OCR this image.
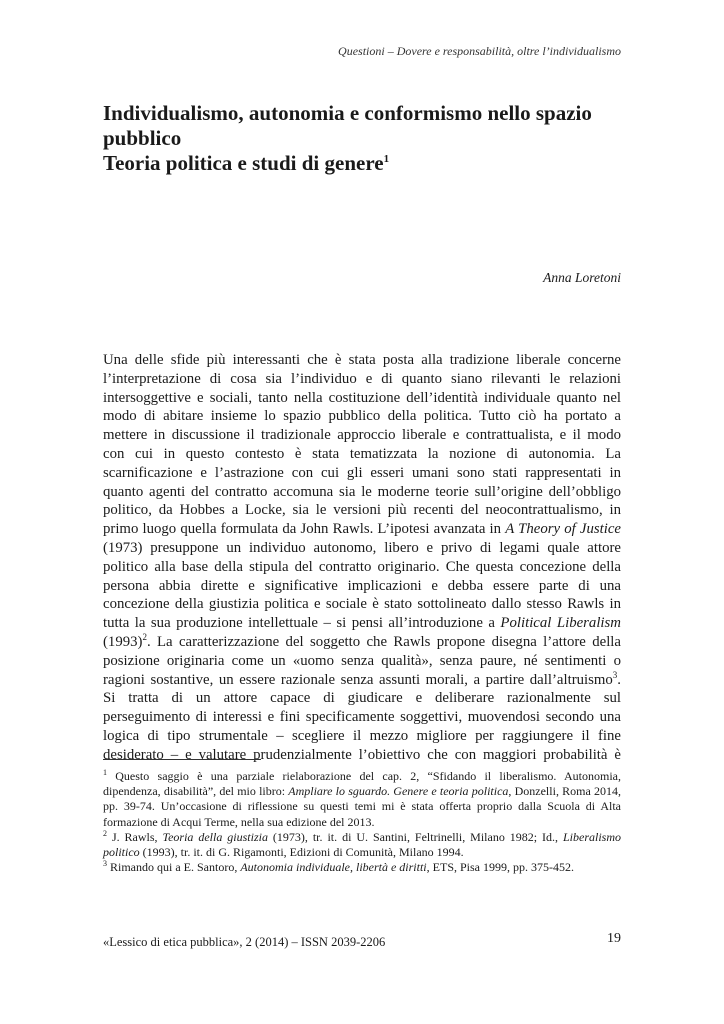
Questioni – Dovere e responsabilità, oltre l’individualismo
Individualismo, autonomia e conformismo nello spazio
pubblico
Teoria politica e studi di genere$^1$
Anna Loretoni
Una delle sfide più interessanti che è stata posta alla tradizione liberale concerne
l’interpretazione di cosa sia l’individuo e di quanto siano rilevanti le relazioni
intersoggettive e sociali, tanto nella costituzione dell’identità individuale quanto nel
modo di abitare insieme lo spazio pubblico della politica. Tutto ciò ha portato a
mettere in discussione il tradizionale approccio liberale e contrattualista, e il modo
con cui in questo contesto è stata tematizzata la nozione di autonomia. La
scarnificazione e l’astrazione con cui gli esseri umani sono stati rappresentati in
quanto agenti del contratto accomuna sia le moderne teorie sull’origine dell’obbligo
politico, da Hobbes a Locke, sia le versioni più recenti del neocontrattualismo, in
primo luogo quella formulata da John Rawls. L’ipotesi avanzata in A Theory of Justice
(1973) presuppone un individuo autonomo, libero e privo di legami quale attore
politico alla base della stipula del contratto originario. Che questa concezione della
persona abbia dirette e significative implicazioni e debba essere parte di una
concezione della giustizia politica e sociale è stato sottolineato dallo stesso Rawls in
tutta la sua produzione intellettuale – si pensi all’introduzione a Political Liberalism
$(1993)^2$. La caratterizzazione del soggetto che Rawls propone disegna l’attore della
posizione originaria come un «uomo senza qualità», senza paure, né sentimenti o
ragioni sostantive, un essere razionale senza assunti morali, a partire dall’altruismo$^3$.
Si tratta di un attore capace di giudicare e deliberare razionalmente sul
perseguimento di interessi e fini specificamente soggettivi, muovendosi secondo una
logica di tipo strumentale – scegliere il mezzo migliore per raggiungere il fine
desiderato – e valutare prudenzialmente l’obiettivo che con maggiori probabilità è
$^1$ Questo saggio è una parziale rielaborazione del cap. 2, “Sfidando il liberalismo. Autonomia,
dipendenza, disabilità”, del mio libro: Ampliare lo sguardo. Genere e teoria politica, Donzelli, Roma 2014,
pp. 39-74. Un’occasione di riflessione su questi temi mi è stata offerta proprio dalla Scuola di Alta
formazione di Acqui Terme, nella sua edizione del 2013.
$^2$ J. Rawls, Teoria della giustizia (1973), tr. it. di U. Santini, Feltrinelli, Milano 1982; Id., Liberalismo
politico (1993), tr. it. di G. Rigamonti, Edizioni di Comunità, Milano 1994.
$^3$ Rimando qui a E. Santoro, Autonomia individuale, libertà e diritti, ETS, Pisa 1999, pp. 375-452.
«Lessico di etica pubblica», 2 (2014) – ISSN 2039-2206	19
